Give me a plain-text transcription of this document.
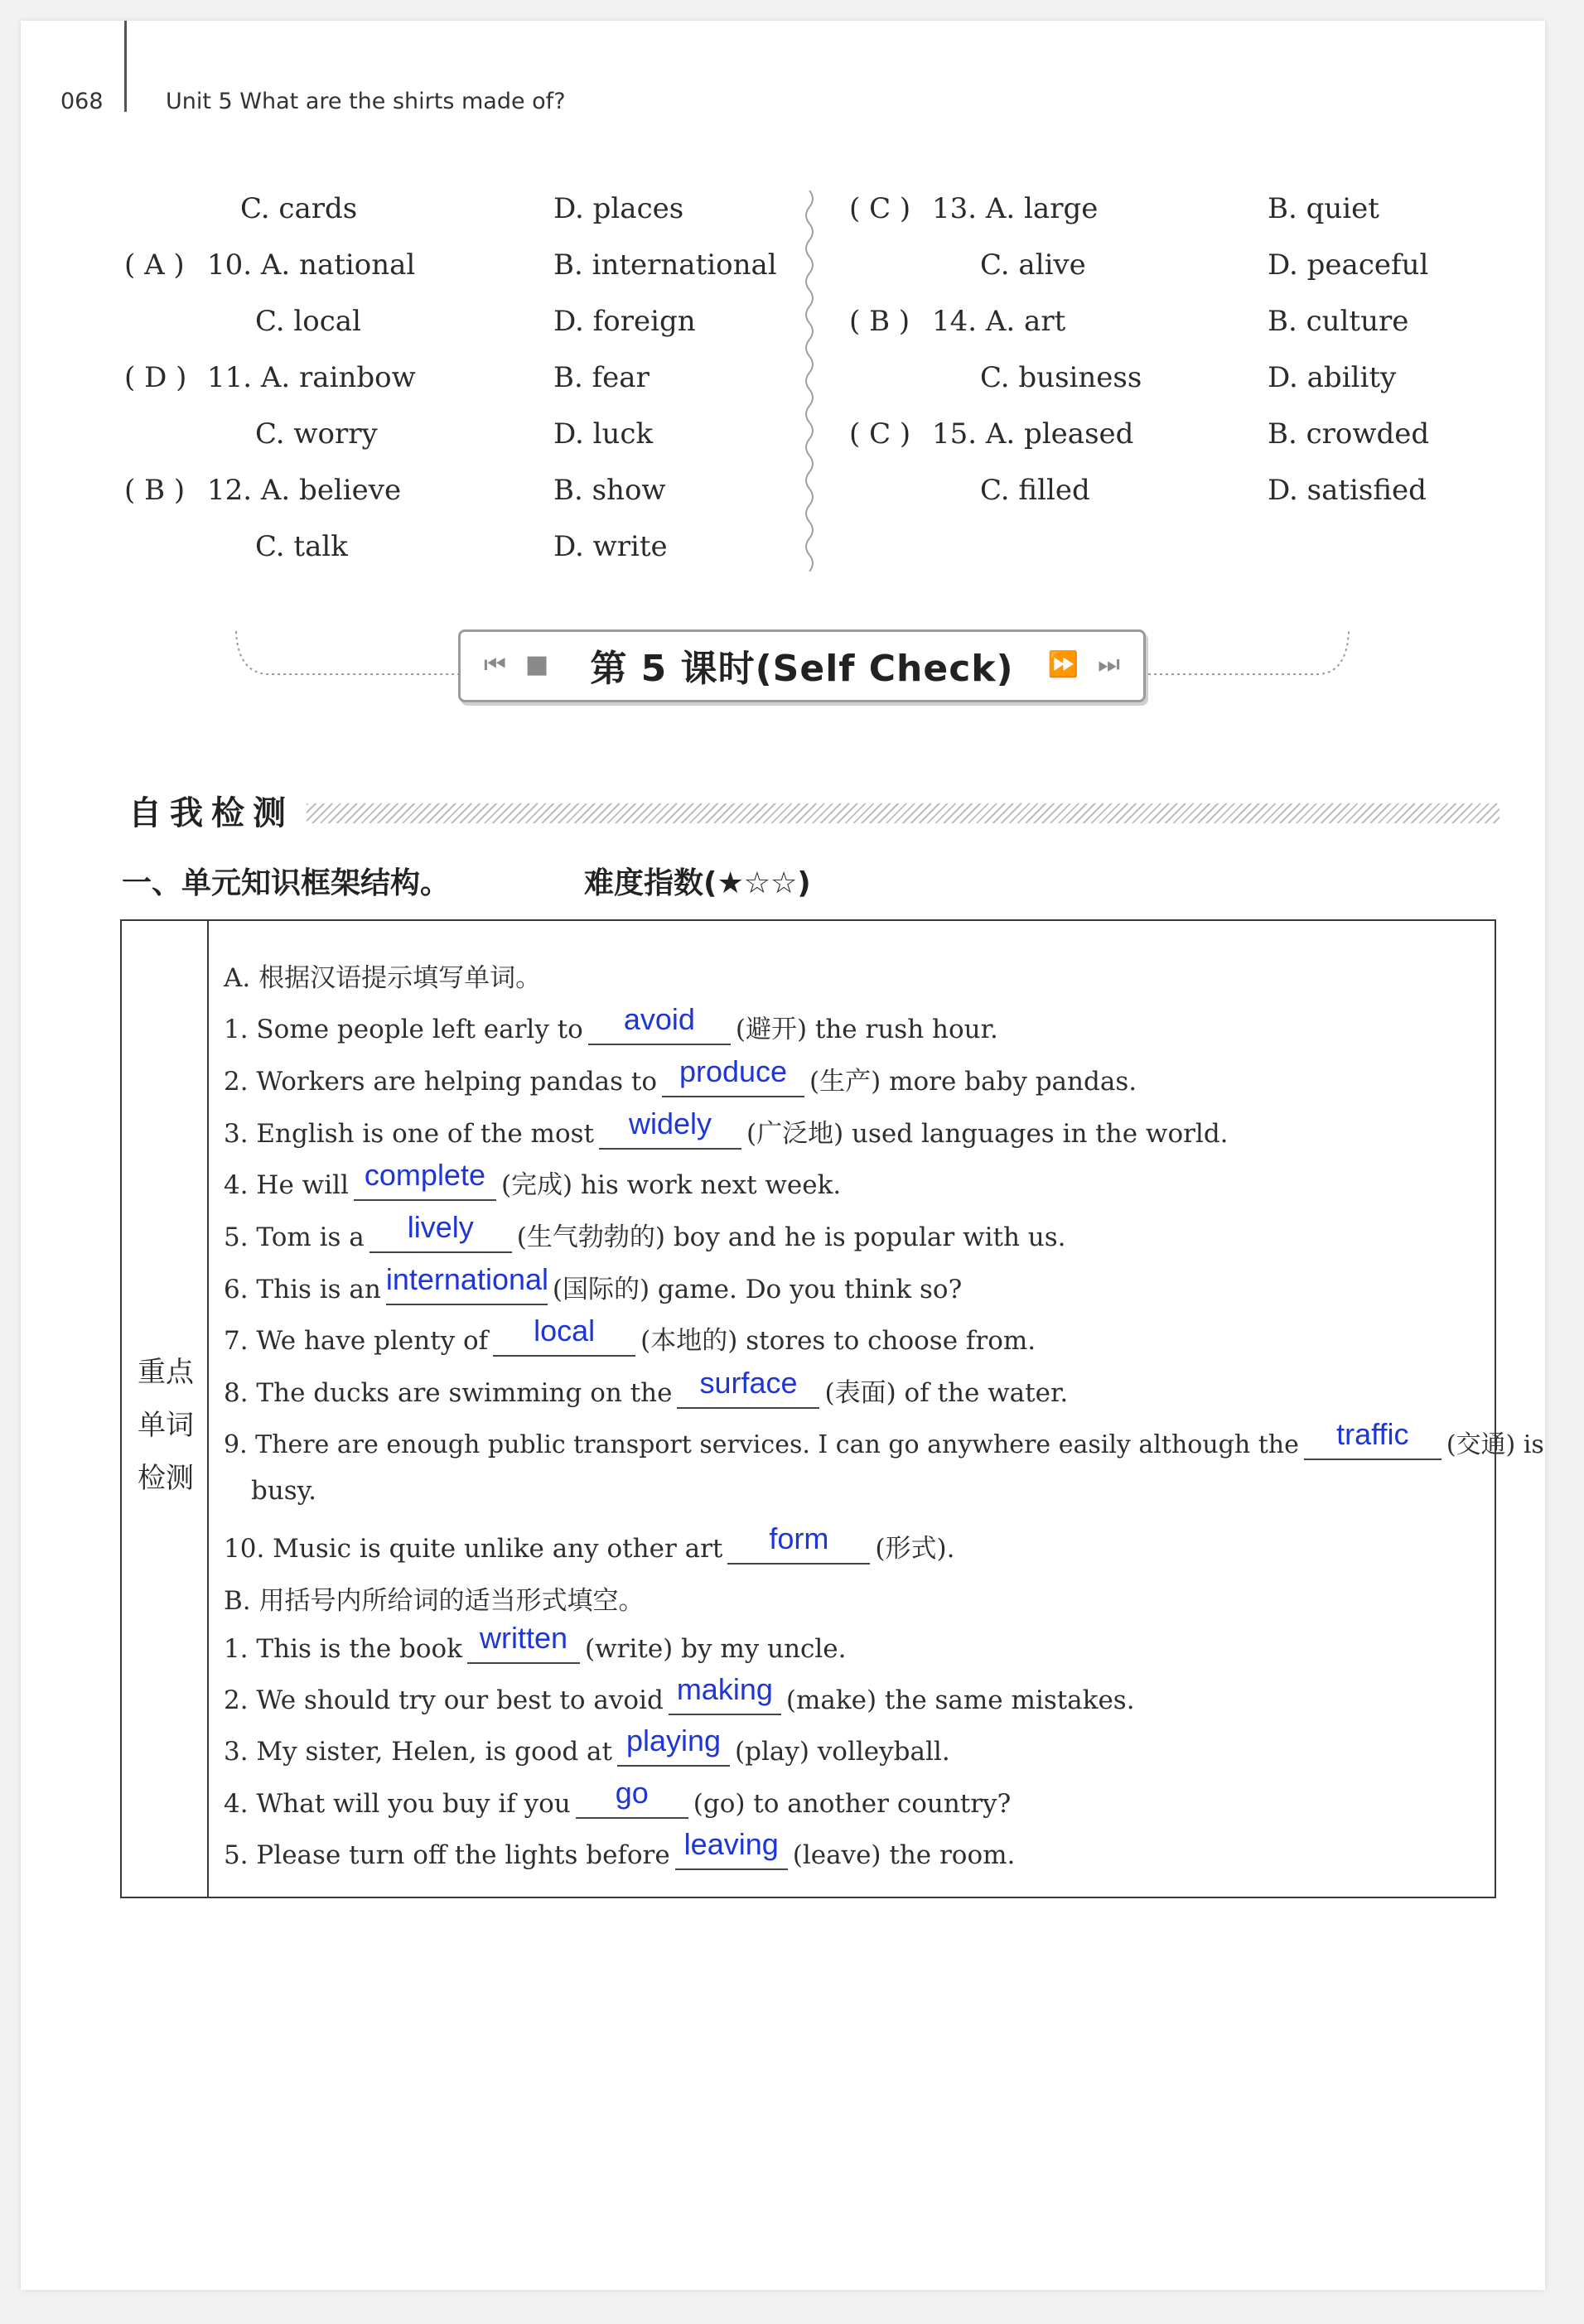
068	Unit 5 What are the shirts made of?
C. cards	D. places
( A ) 10. A. national	B. international
C. local	D. foreign
( D ) 11. A. rainbow	B. fear
C. worry	D. luck
( B ) 12. A. believe	B. show
C. talk	D. write
( C ) 13. A. large	B. quiet
C. alive	D. peaceful
( B ) 14. A. art	B. culture
C. business	D. ability
( C ) 15. A. pleased	B. crowded
C. filled	D. satisfied
⏮ ■	第 5 课时(Self Check)	⏩ ⏭
自我检测
一、单元知识框架结构。	难度指数(★☆☆)
重点
单词
检测
A. 根据汉语提示填写单词。
1. Some people left early to	avoid	(避开) the rush hour.
2. Workers are helping pandas to produce (生产) more baby pandas.
3. English is one of the most	widely	(广泛地) used languages in the world.
4. He will complete (完成) his work next week.
5. Tom is a	lively	(生气勃勃的) boy and he is popular with us.
6. This is an international (国际的) game. Do you think so?
7. We have plenty of	local	(本地的) stores to choose from.
8. The ducks are swimming on the surface	(表面) of the water.
9. There are enough public transport services. I can go anywhere easily although the	traffic	(交通) is
busy.
10. Music is quite unlike any other art	form	(形式).
B. 用括号内所给词的适当形式填空。
1. This is the book written (write) by my uncle.
2. We should try our best to avoid making (make) the same mistakes.
3. My sister, Helen, is good at playing (play) volleyball.
4. What will you buy if you	go	(go) to another country?
5. Please turn off the lights before leaving (leave) the room.
